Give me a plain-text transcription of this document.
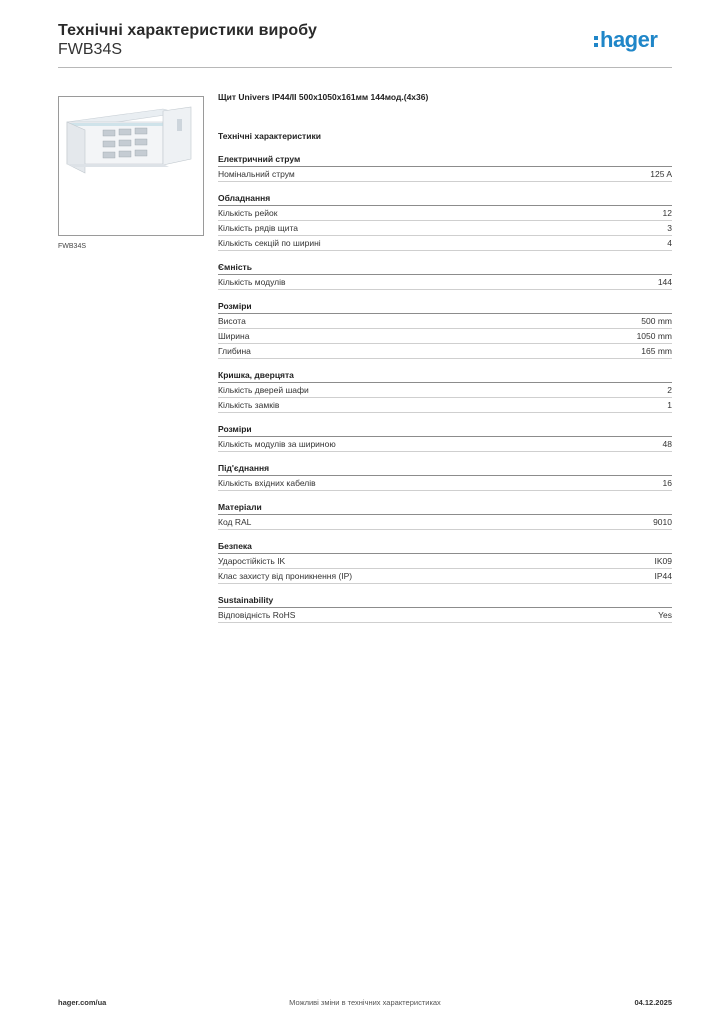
Технічні характеристики виробу
FWB34S	hager
FWB34S
Щит Univers IP44/II 500x1050x161мм 144мод.(4x36)
Технічні характеристики
Електричний струм
Номінальний струм	125 A
Обладнання
Кількість рейок	12
Кількість рядів щита	3
Кількість секцій по ширині	4
Ємність
Кількість модулів	144
Розміри
Висота	500 mm
Ширина	1050 mm
Глибина	165 mm
Кришка, дверцята
Кількість дверей шафи	2
Кількість замків	1
Розміри
Кількість модулів за шириною	48
Під'єднання
Кількість вхідних кабелів	16
Матеріали
Код RAL	9010
Безпека
Ударостійкість IK	IK09
Клас захисту від проникнення (IP)	IP44
Sustainability
Відповідність RoHS	Yes
hager.com/ua	Можливі зміни в технічних характеристиках	04.12.2025
